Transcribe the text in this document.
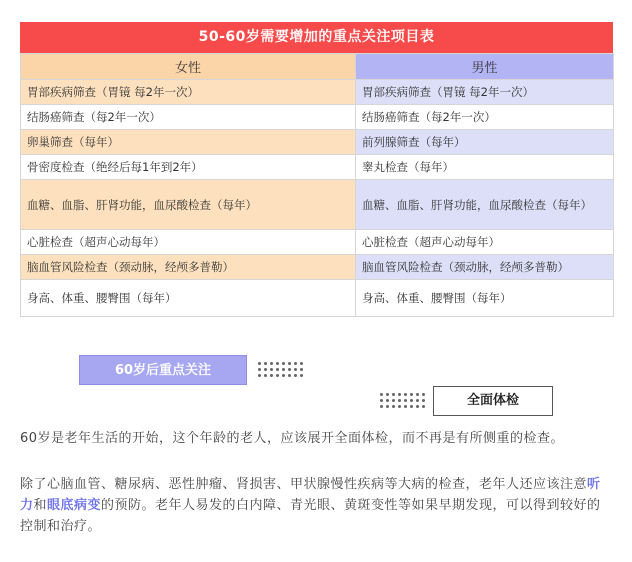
50-60岁需要增加的重点关注项目表
女性	男性
胃部疾病筛查（胃镜 每2年一次）	胃部疾病筛查（胃镜 每2年一次）
结肠癌筛查（每2年一次）	结肠癌筛查（每2年一次）
卵巢筛查（每年）	前列腺筛查（每年）
骨密度检查（绝经后每1年到2年）	睾丸检查（每年）
血糖、血脂、肝肾功能，血尿酸检查（每年）	血糖、血脂、肝肾功能，血尿酸检查（每年）
心脏检查（超声心动每年）	心脏检查（超声心动每年）
脑血管风险检查（颈动脉，经颅多普勒）	脑血管风险检查（颈动脉，经颅多普勒）
身高、体重、腰臀围（每年）	身高、体重、腰臀围（每年）
60岁后重点关注
全面体检

60岁是老年生活的开始，这个年龄的老人，应该展开全面体检，而不再是有所侧重的检查。

除了心脑血管、糖尿病、恶性肿瘤、肾损害、甲状腺慢性疾病等大病的检查，老年人还应该注意听力和眼底病变的预防。老年人易发的白内障、青光眼、黄斑变性等如果早期发现，可以得到较好的控制和治疗。
